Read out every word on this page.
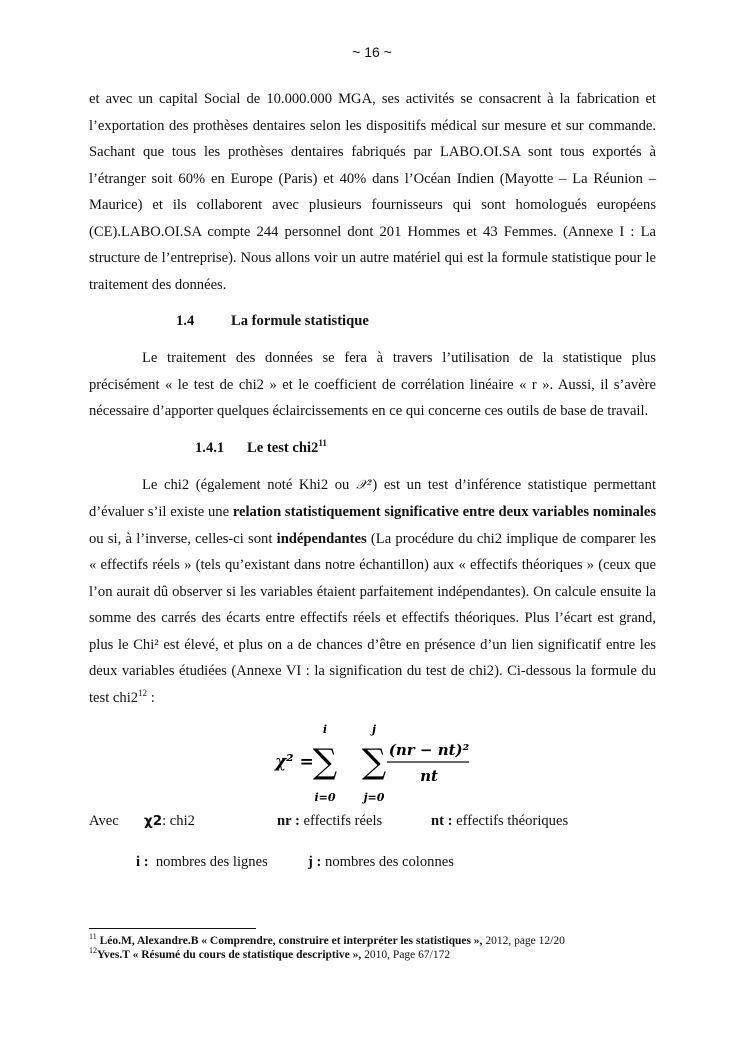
~ 16 ~

et avec un capital Social de 10.000.000 MGA, ses activités se consacrent à la fabrication et l’exportation des prothèses dentaires selon les dispositifs médical sur mesure et sur commande. Sachant que tous les prothèses dentaires fabriqués par LABO.OI.SA sont tous exportés à l’étranger soit 60% en Europe (Paris) et 40% dans l’Océan Indien (Mayotte – La Réunion – Maurice) et ils collaborent avec plusieurs fournisseurs qui sont homologués européens (CE).LABO.OI.SA compte 244 personnel dont 201 Hommes et 43 Femmes. (Annexe I : La structure de l’entreprise). Nous allons voir un autre matériel qui est la formule statistique pour le traitement des données.

1.4	La formule statistique

Le traitement des données se fera à travers l’utilisation de la statistique plus précisément « le test de chi2 » et le coefficient de corrélation linéaire « r ». Aussi, il s’avère nécessaire d’apporter quelques éclaircissements en ce qui concerne ces outils de base de travail.

1.4.1 Le test $chi2^{11}$

Le chi2 (également noté Khi2 ou 𝒳²) est un test d’inférence statistique permettant d’évaluer s’il existe une relation statistiquement significative entre deux variables nominales ou si, à l’inverse, celles-ci sont indépendantes (La procédure du chi2 implique de comparer les « effectifs réels » (tels qu’existant dans notre échantillon) aux « effectifs théoriques » (ceux que l’on aurait dû observer si les variables étaient parfaitement indépendantes). On calcule ensuite la somme des carrés des écarts entre effectifs réels et effectifs théoriques. Plus l’écart est grand, plus le Chi² est élevé, et plus on a de chances d’être en présence d’un lien significatif entre les deux variables étudiées (Annexe VI : la signification du test de chi2). Ci-dessous la formule du test $chi2^{12}$ :

χ² =
i
∑
i=0
j
∑
j=0
(nr − nt)²
nt
Avec χ2: chi2	nr : effectifs réels	nt : effectifs théoriques
i :  nombres des lignes	j : nombres des colonnes
$^{11}$ Léo.M, Alexandre.B « Comprendre, construire et interpréter les statistiques », 2012, page 12/20
$^{12}$Yves.T « Résumé du cours de statistique descriptive », 2010, Page 67/172
